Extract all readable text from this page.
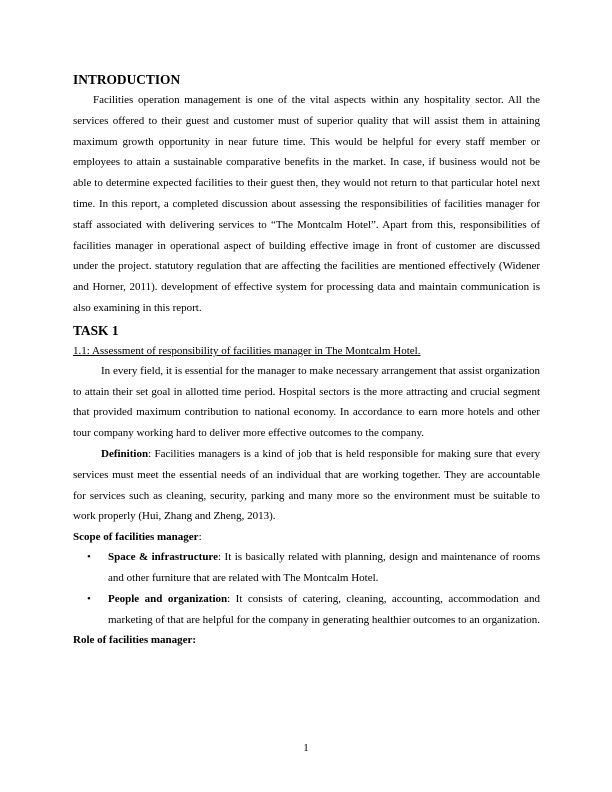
INTRODUCTION

Facilities operation management is one of the vital aspects within any hospitality sector. All the services offered to their guest and customer must of superior quality that will assist them in attaining maximum growth opportunity in near future time. This would be helpful for every staff member or employees to attain a sustainable comparative benefits in the market. In case, if business would not be able to determine expected facilities to their guest then, they would not return to that particular hotel next time. In this report, a completed discussion about assessing the responsibilities of facilities manager for staff associated with delivering services to “The Montcalm Hotel”. Apart from this, responsibilities of facilities manager in operational aspect of building effective image in front of customer are discussed under the project. statutory regulation that are affecting the facilities are mentioned effectively (Widener and Horner, 2011). development of effective system for processing data and maintain communication is also examining in this report.

TASK 1
1.1: Assessment of responsibility of facilities manager in The Montcalm Hotel.

In every field, it is essential for the manager to make necessary arrangement that assist organization to attain their set goal in allotted time period. Hospital sectors is the more attracting and crucial segment that provided maximum contribution to national economy. In accordance to earn more hotels and other tour company working hard to deliver more effective outcomes to the company.

Definition: Facilities managers is a kind of job that is held responsible for making sure that every services must meet the essential needs of an individual that are working together. They are accountable for services such as cleaning, security, parking and many more so the environment must be suitable to work properly (Hui, Zhang and Zheng, 2013).

Scope of facilities manager:
• Space & infrastructure: It is basically related with planning, design and maintenance of rooms and other furniture that are related with The Montcalm Hotel.
• People and organization: It consists of catering, cleaning, accounting, accommodation and marketing of that are helpful for the company in generating healthier outcomes to an organization.
Role of facilities manager:
1
